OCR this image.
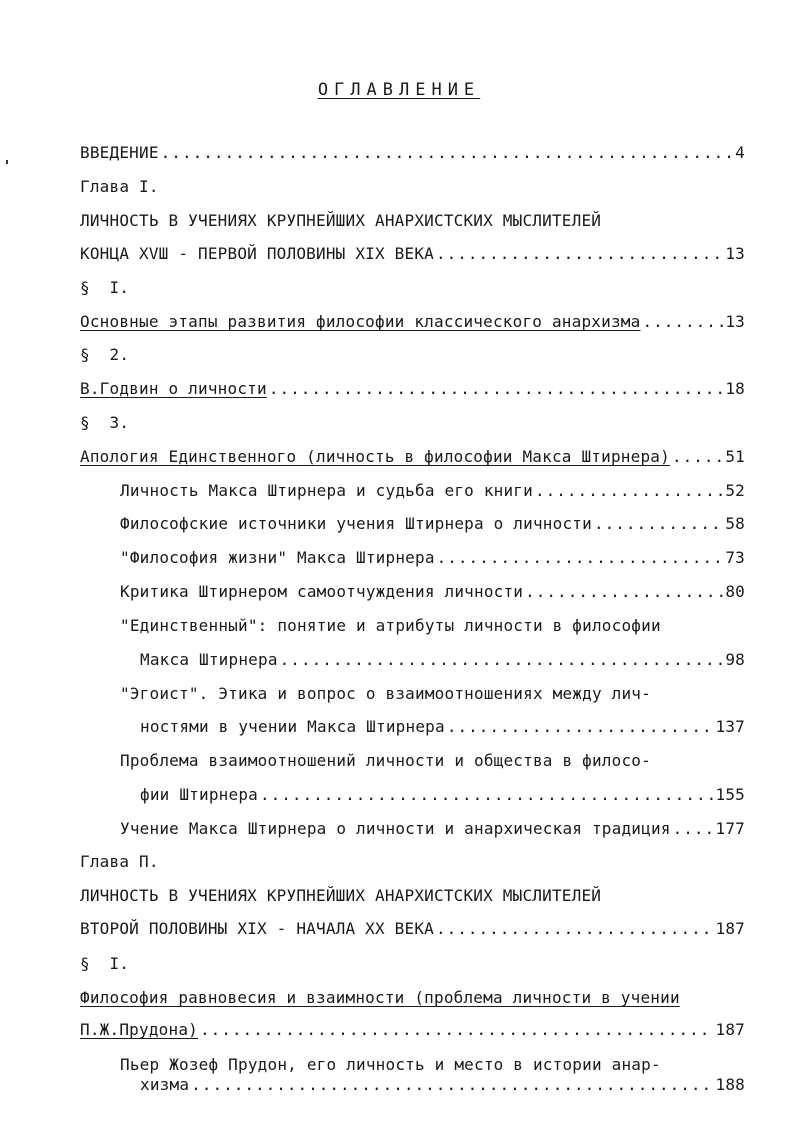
ОГЛАВЛЕНИЕ
ВВЕДЕНИЕ .....	4
Глава I.
ЛИЧНОСТЬ В УЧЕНИЯХ КРУПНЕЙШИХ АНАРХИСТСКИХ МЫСЛИТЕЛЕЙ
КОНЦА ХVШ - ПЕРВОЙ ПОЛОВИНЫ XIX ВЕКА .....	13
§  I.
Основные этапы развития философии классического анархизма .....	13
§  2.
В.Годвин о личности .....	18
§  3.
Апология Единственного (личность в философии Макса Штирнера) .....	51
Личность Макса Штирнера и судьба его книги .....	52
Философские источники учения Штирнера о личности .....	58
"Философия жизни" Макса Штирнера .....	73
Критика Штирнером самоотчуждения личности .....	80
"Единственный": понятие и атрибуты личности в философии
Макса Штирнера .....	98
"Эгоист". Этика и вопрос о взаимоотношениях между лич-
ностями в учении Макса Штирнера .....	137
Проблема взаимоотношений личности и общества в филосо-
фии Штирнера .....	155
Учение Макса Штирнера о личности и анархическая традиция .....	177
Глава П.
ЛИЧНОСТЬ В УЧЕНИЯХ КРУПНЕЙШИХ АНАРХИСТСКИХ МЫСЛИТЕЛЕЙ
ВТОРОЙ ПОЛОВИНЫ XIX - НАЧАЛА XX ВЕКА .....	187
§  I.
Философия равновесия и взаимности (проблема личности в учении
П.Ж.Прудона) .....	187
Пьер Жозеф Прудон, его личность и место в истории анар-
хизма .....	188
